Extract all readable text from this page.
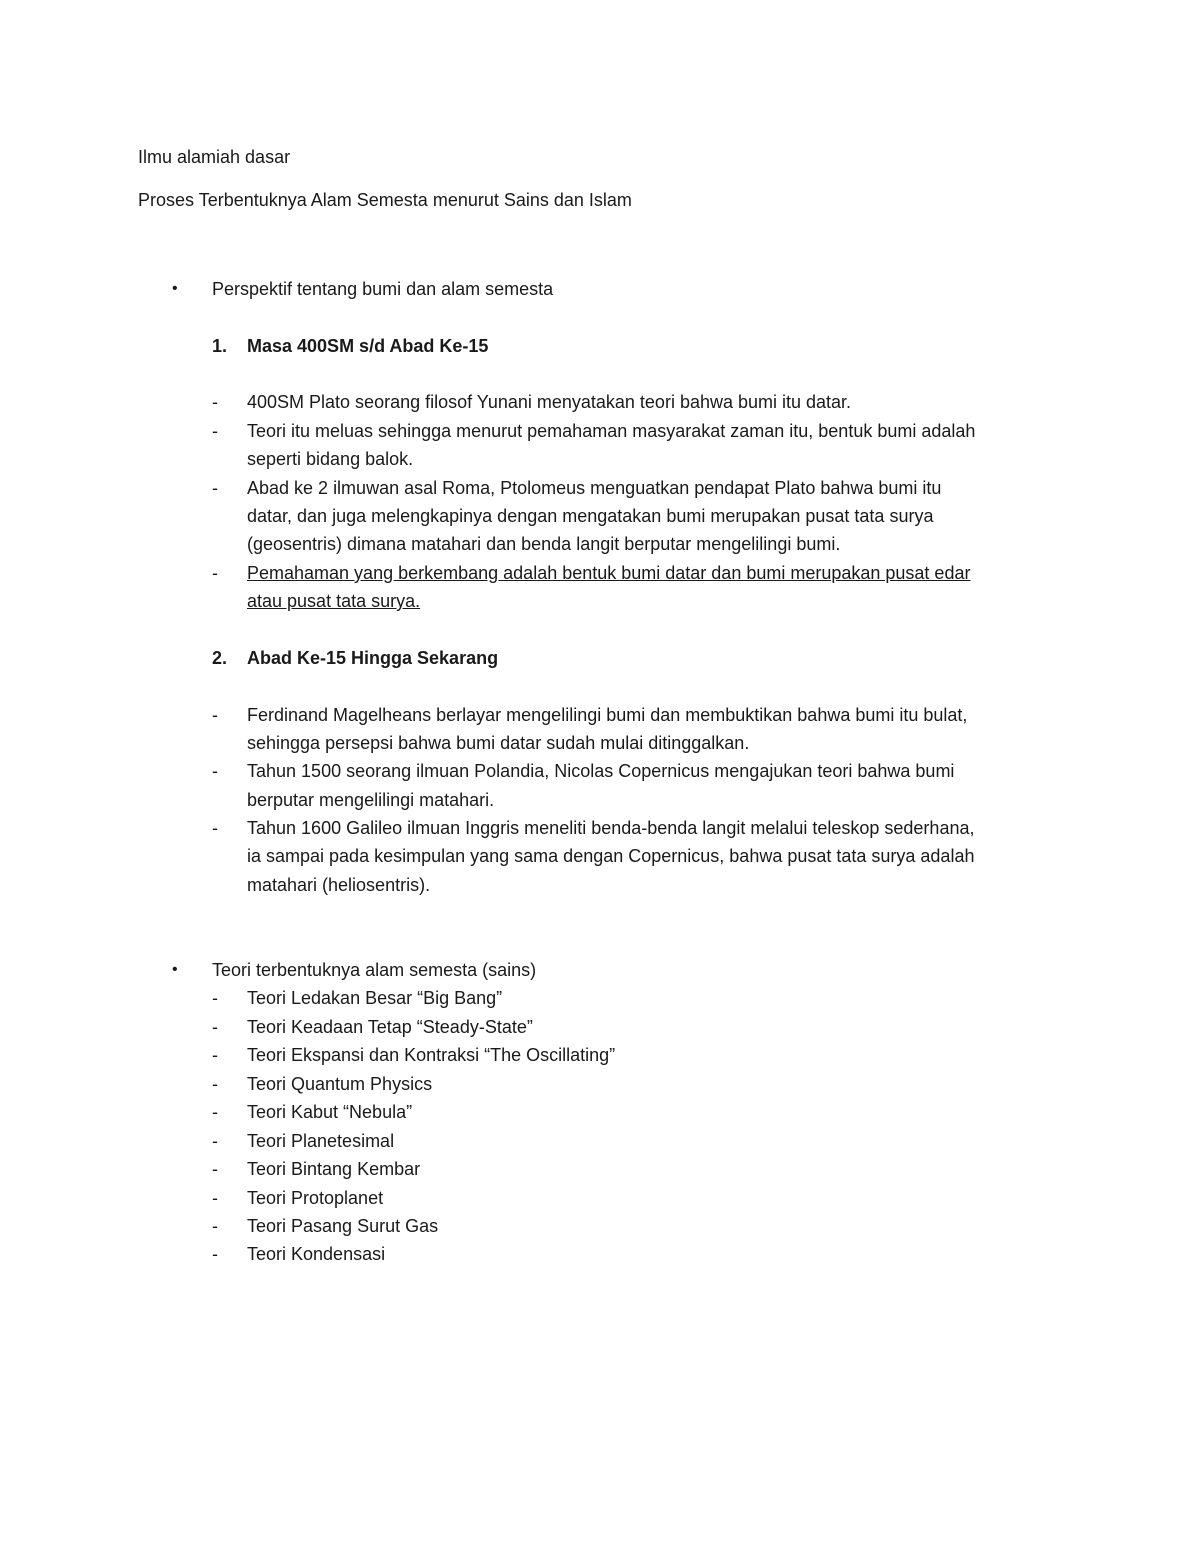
Ilmu alamiah dasar
Proses Terbentuknya Alam Semesta menurut Sains dan Islam
• Perspektif tentang bumi dan alam semesta
1. Masa 400SM s/d Abad Ke-15
- 400SM Plato seorang filosof Yunani menyatakan teori bahwa bumi itu datar.
- Teori itu meluas sehingga menurut pemahaman masyarakat zaman itu, bentuk bumi adalah
seperti bidang balok.
- Abad ke 2 ilmuwan asal Roma, Ptolomeus menguatkan pendapat Plato bahwa bumi itu
datar, dan juga melengkapinya dengan mengatakan bumi merupakan pusat tata surya
(geosentris) dimana matahari dan benda langit berputar mengelilingi bumi.
- Pemahaman yang berkembang adalah bentuk bumi datar dan bumi merupakan pusat edar
atau pusat tata surya.
2. Abad Ke-15 Hingga Sekarang
- Ferdinand Magelheans berlayar mengelilingi bumi dan membuktikan bahwa bumi itu bulat,
sehingga persepsi bahwa bumi datar sudah mulai ditinggalkan.
- Tahun 1500 seorang ilmuan Polandia, Nicolas Copernicus mengajukan teori bahwa bumi
berputar mengelilingi matahari.
- Tahun 1600 Galileo ilmuan Inggris meneliti benda-benda langit melalui teleskop sederhana,
ia sampai pada kesimpulan yang sama dengan Copernicus, bahwa pusat tata surya adalah
matahari (heliosentris).
• Teori terbentuknya alam semesta (sains)
- Teori Ledakan Besar “Big Bang”
- Teori Keadaan Tetap “Steady-State”
- Teori Ekspansi dan Kontraksi “The Oscillating”
- Teori Quantum Physics
- Teori Kabut “Nebula”
- Teori Planetesimal
- Teori Bintang Kembar
- Teori Protoplanet
- Teori Pasang Surut Gas
- Teori Kondensasi
